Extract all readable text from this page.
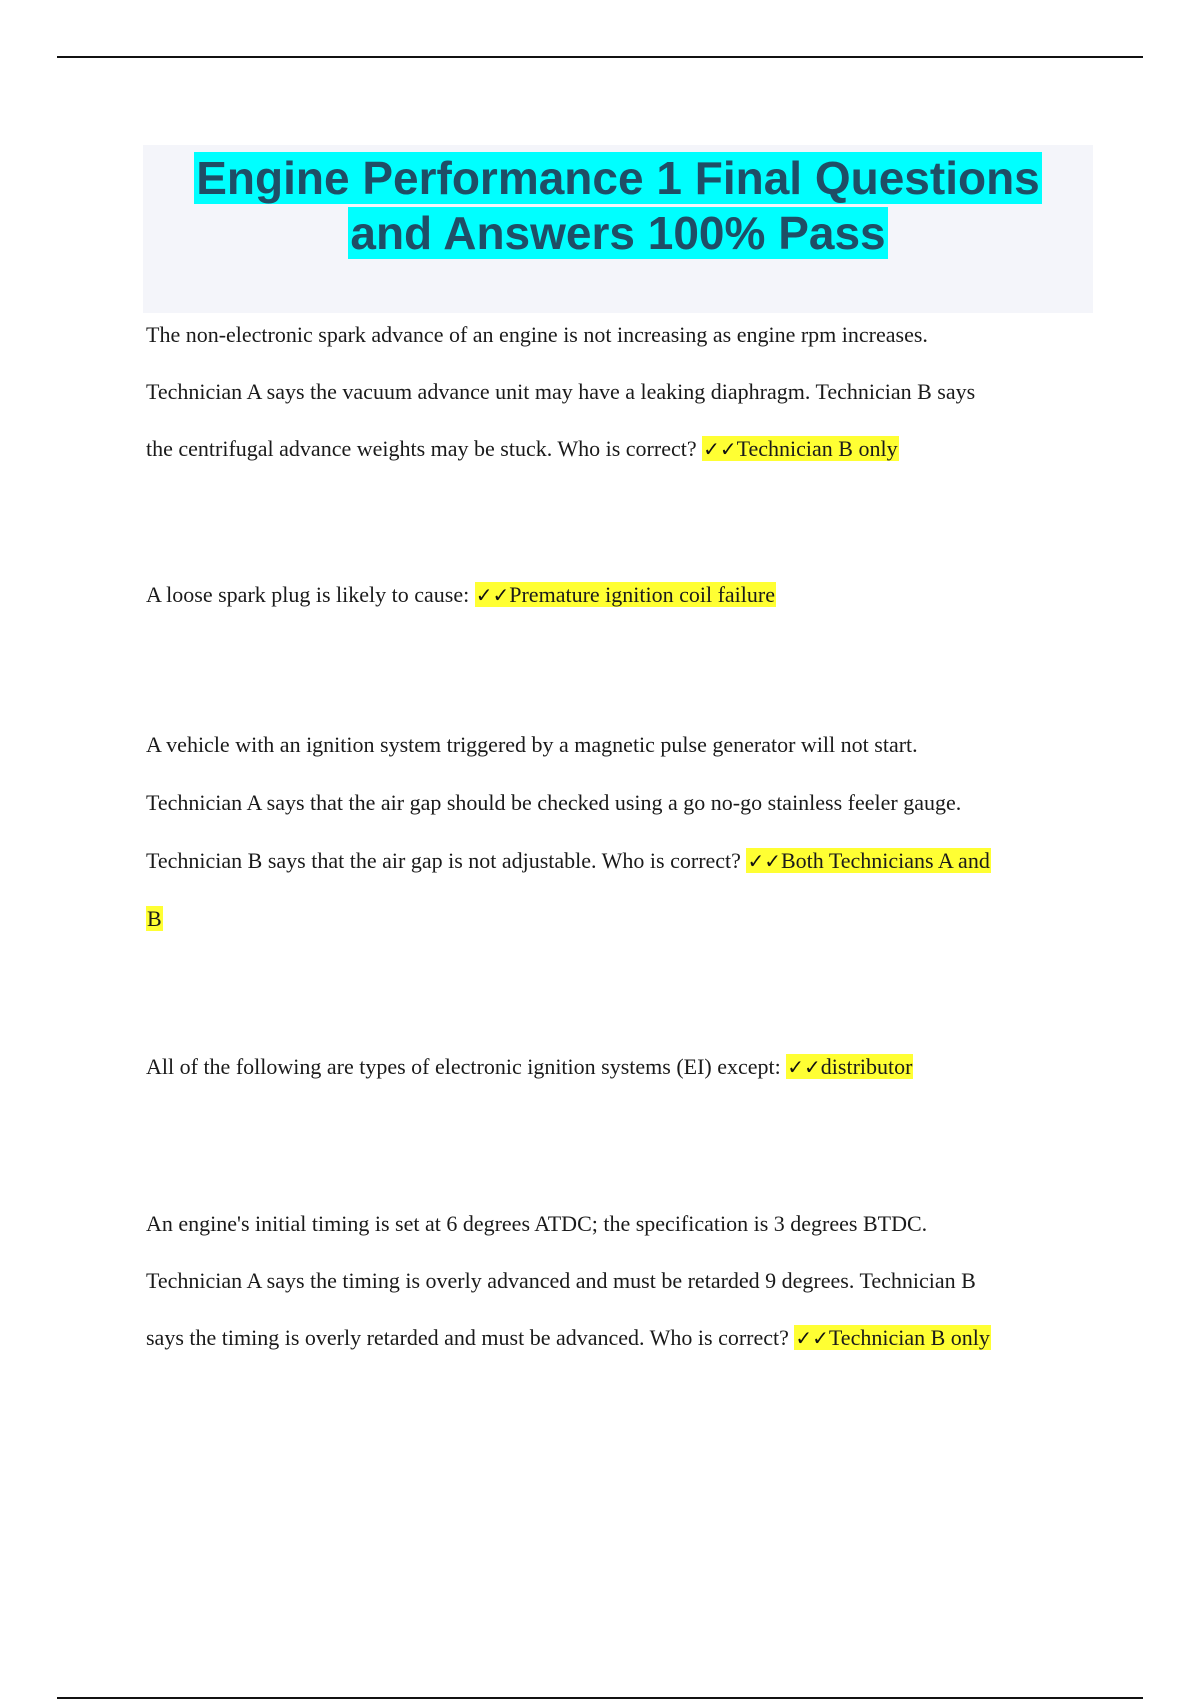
Engine Performance 1 Final Questions
and Answers 100% Pass
The non-electronic spark advance of an engine is not increasing as engine rpm increases.
Technician A says the vacuum advance unit may have a leaking diaphragm. Technician B says
the centrifugal advance weights may be stuck. Who is correct? ✓✓Technician B only
A loose spark plug is likely to cause: ✓✓Premature ignition coil failure
A vehicle with an ignition system triggered by a magnetic pulse generator will not start.
Technician A says that the air gap should be checked using a go no-go stainless feeler gauge.
Technician B says that the air gap is not adjustable. Who is correct? ✓✓Both Technicians A and
B
All of the following are types of electronic ignition systems (EI) except: ✓✓distributor
An engine's initial timing is set at 6 degrees ATDC; the specification is 3 degrees BTDC.
Technician A says the timing is overly advanced and must be retarded 9 degrees. Technician B
says the timing is overly retarded and must be advanced. Who is correct? ✓✓Technician B only
